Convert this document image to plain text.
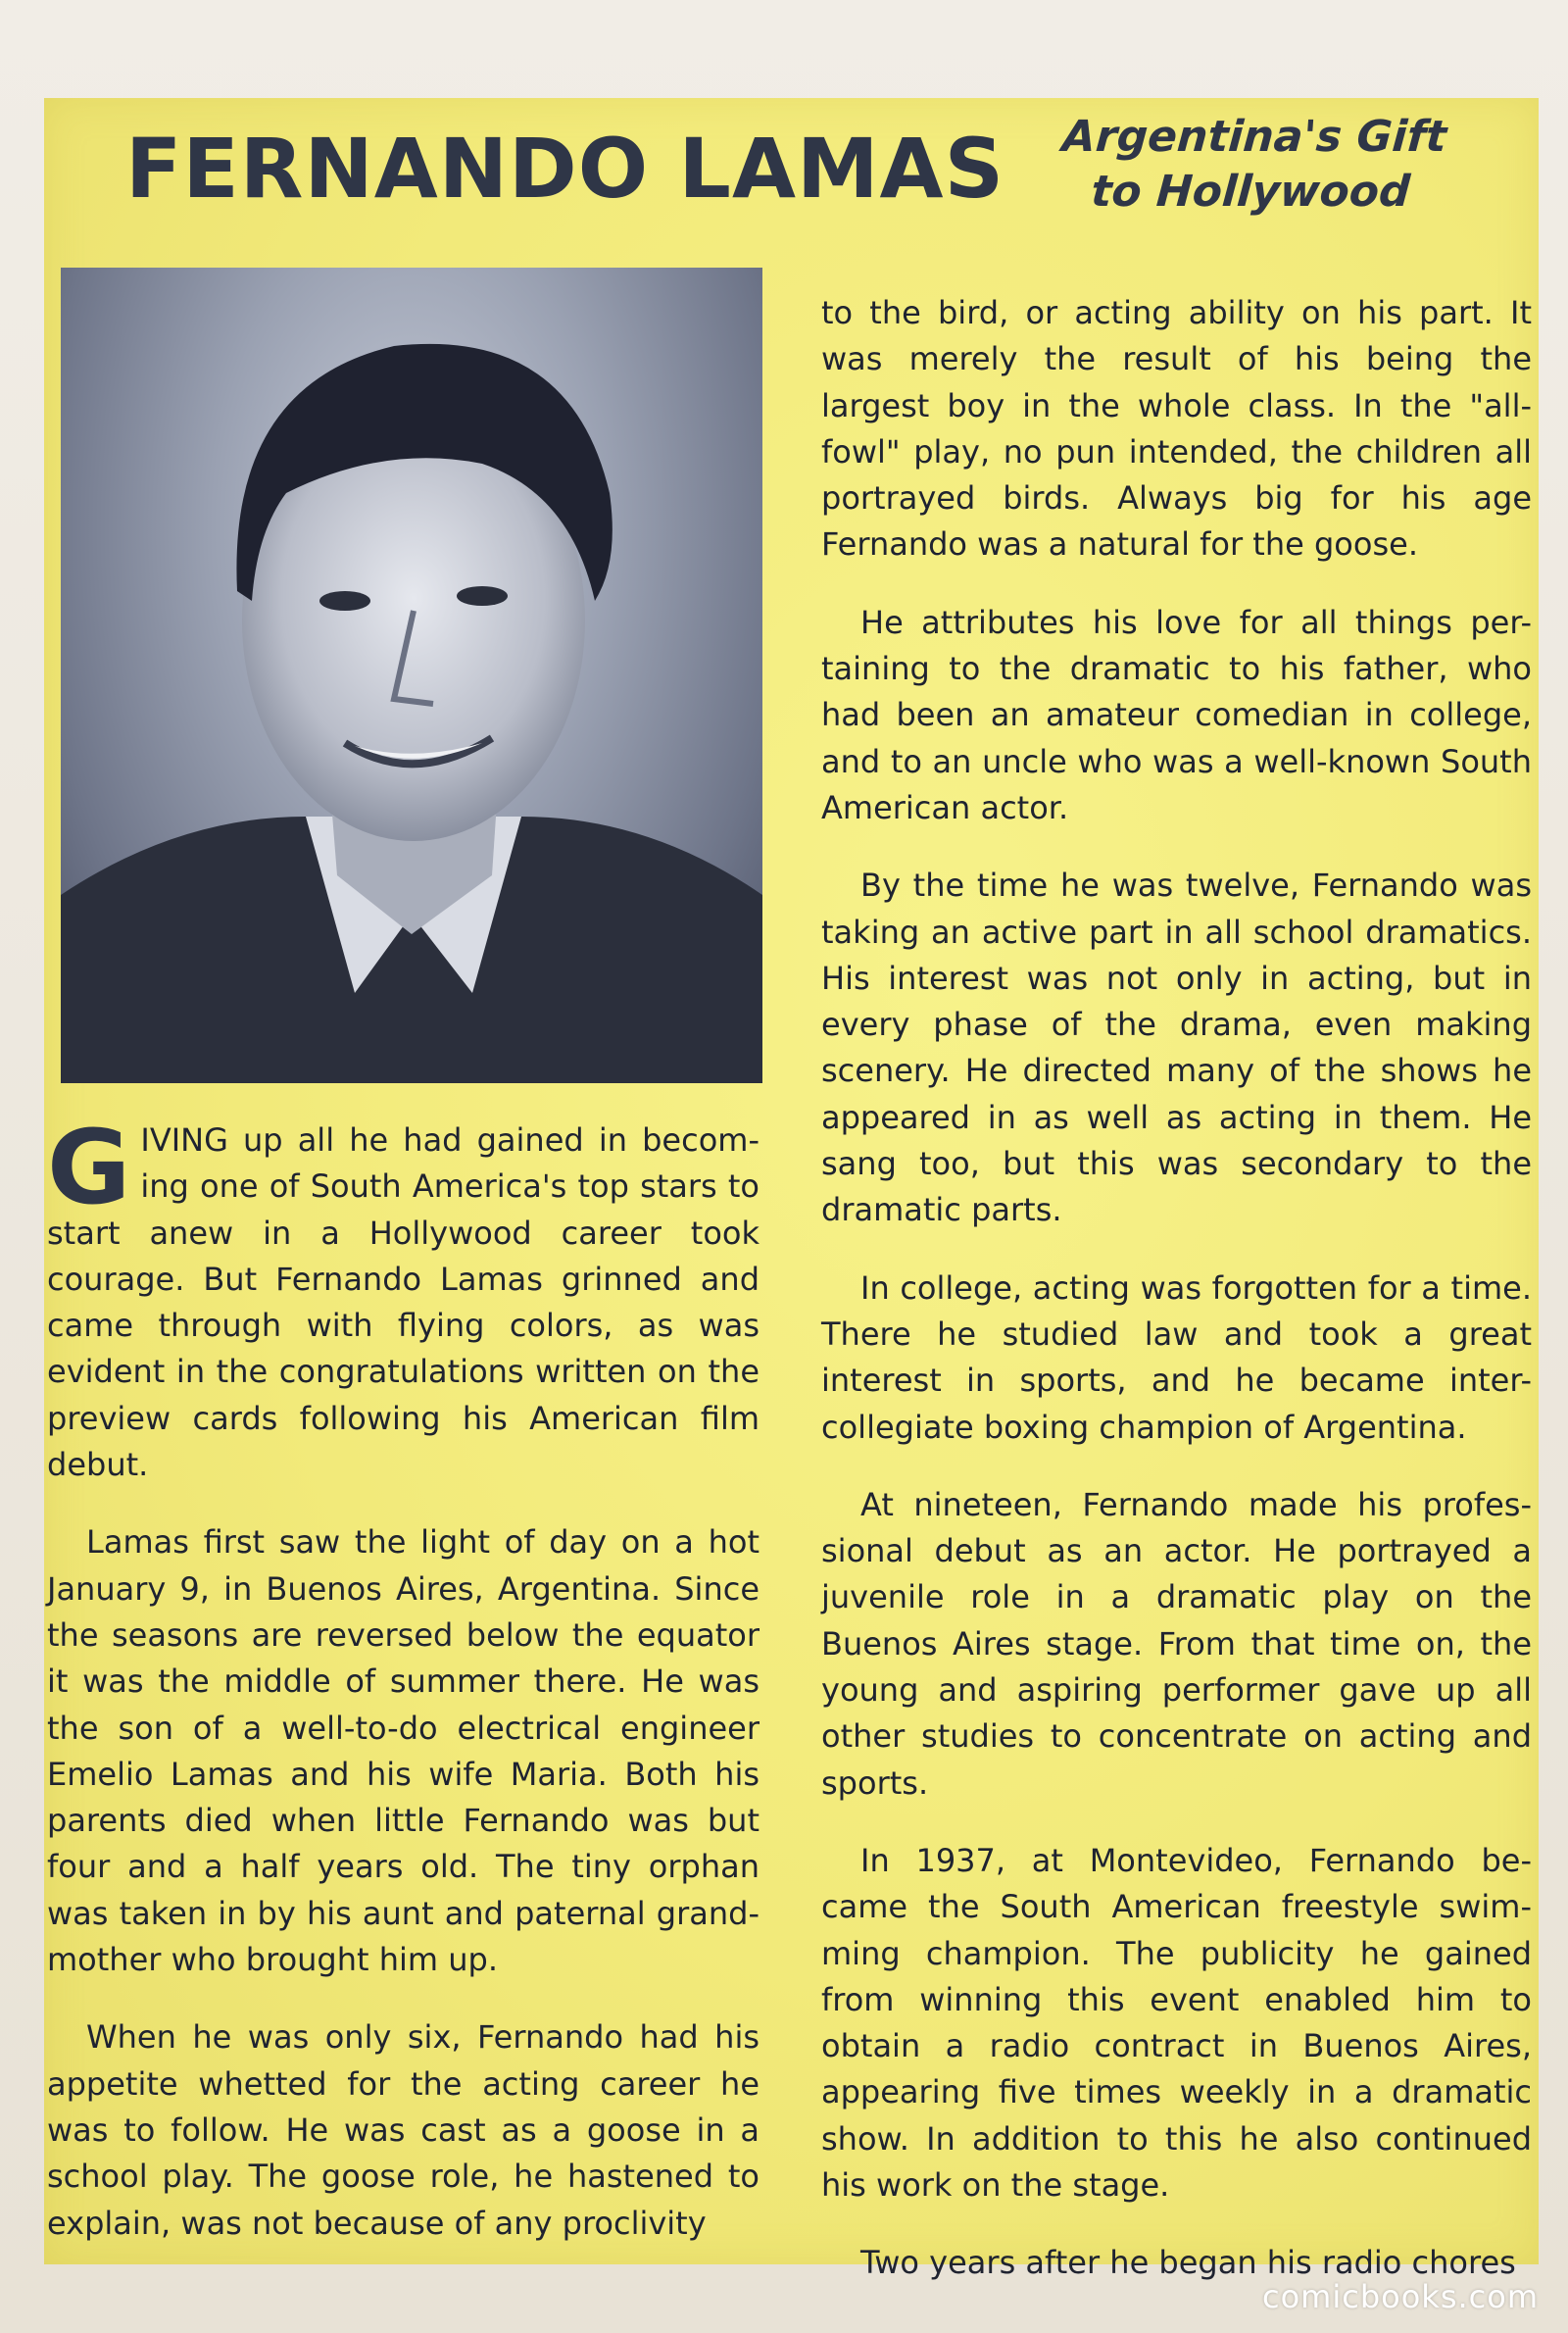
FERNANDO LAMAS	Argentina's Gift
to Hollywood

GIVING up all he had gained in becom- ing one of South America's top stars to start anew in a Hollywood career took courage. But Fernando Lamas grinned and came through with flying colors, as was evident in the congratulations written on the preview cards following his American film debut.

Lamas first saw the light of day on a hot January 9, in Buenos Aires, Argentina. Since the seasons are reversed below the equator it was the middle of summer there. He was the son of a well-to-do electrical engineer Emelio Lamas and his wife Maria. Both his parents died when little Fernando was but four and a half years old. The tiny orphan was taken in by his aunt and paternal grand- mother who brought him up.

When he was only six, Fernando had his appetite whetted for the acting career he was to follow. He was cast as a goose in a school play. The goose role, he hastened to explain, was not because of any proclivity

to the bird, or acting ability on his part. It was merely the result of his being the largest boy in the whole class. In the "all- fowl" play, no pun intended, the children all portrayed birds. Always big for his age Fernando was a natural for the goose.

He attributes his love for all things per- taining to the dramatic to his father, who had been an amateur comedian in college, and to an uncle who was a well-known South American actor.

By the time he was twelve, Fernando was taking an active part in all school dramatics. His interest was not only in acting, but in every phase of the drama, even making scenery. He directed many of the shows he appeared in as well as acting in them. He sang too, but this was secondary to the dramatic parts.

In college, acting was forgotten for a time. There he studied law and took a great interest in sports, and he became inter- collegiate boxing champion of Argentina.

At nineteen, Fernando made his profes- sional debut as an actor. He portrayed a juvenile role in a dramatic play on the Buenos Aires stage. From that time on, the young and aspiring performer gave up all other studies to concentrate on acting and sports.

In 1937, at Montevideo, Fernando be- came the South American freestyle swim- ming champion. The publicity he gained from winning this event enabled him to obtain a radio contract in Buenos Aires, appearing five times weekly in a dramatic show. In addition to this he also continued his work on the stage.

Two years after he began his radio chores

comicbooks.com
